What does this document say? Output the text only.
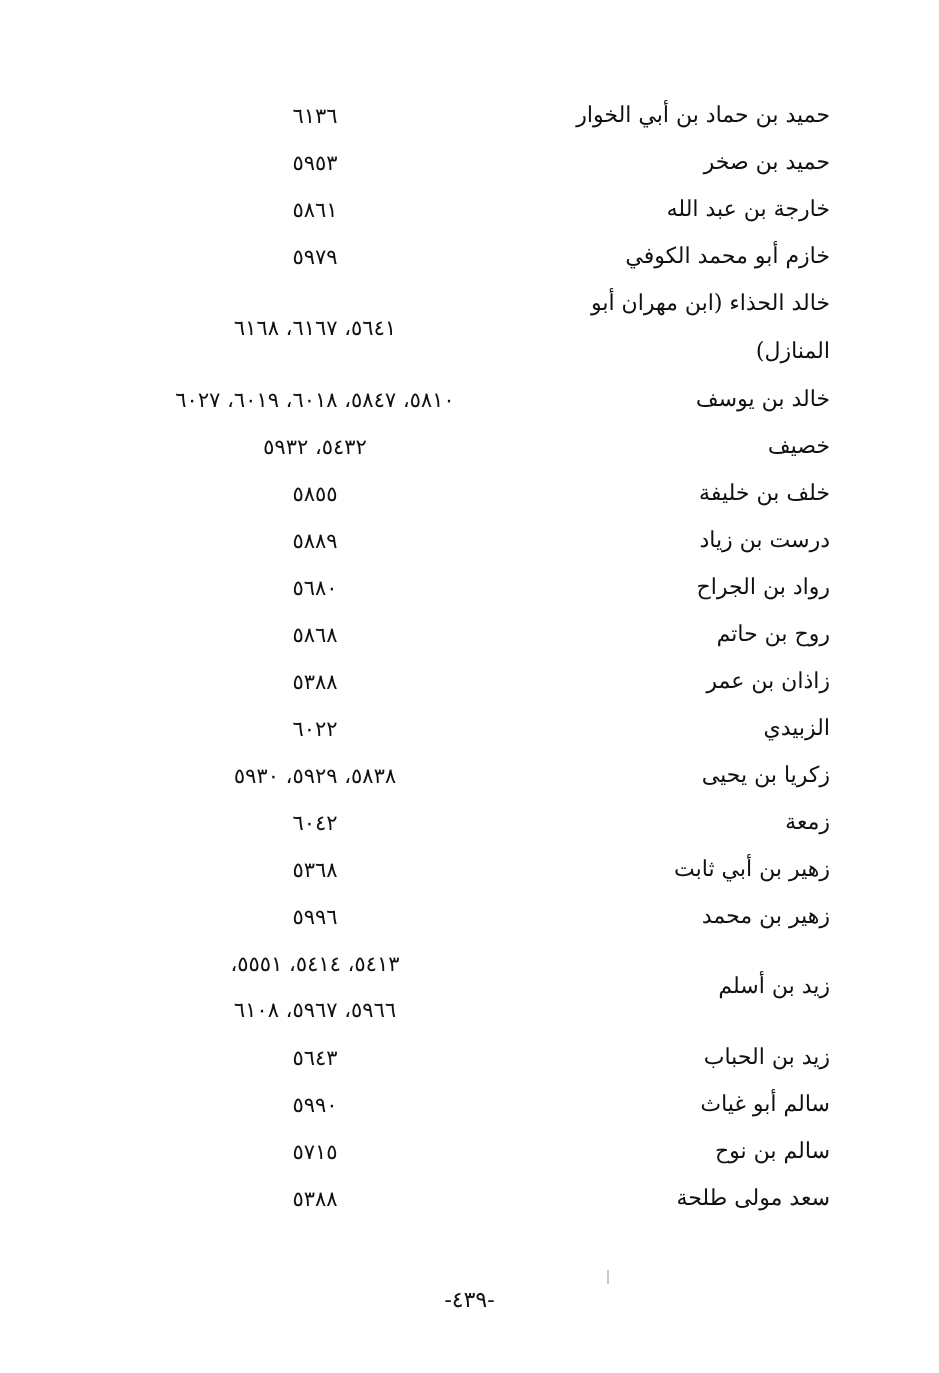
حميد بن حماد بن أبي الخوار
٦١٣٦
حميد بن صخر
٥٩٥٣
خارجة بن عبد الله
٥٨٦١
خازم أبو محمد الكوفي
٥٩٧٩
خالد الحذاء (ابن مهران أبو المنازل)
٥٦٤١، ٦١٦٧، ٦١٦٨
خالد بن يوسف
٥٨١٠، ٥٨٤٧، ٦٠١٨، ٦٠١٩، ٦٠٢٧
خصيف
٥٤٣٢، ٥٩٣٢
خلف بن خليفة
٥٨٥٥
درست بن زياد
٥٨٨٩
رواد بن الجراح
٥٦٨٠
روح بن حاتم
٥٨٦٨
زاذان بن عمر
٥٣٨٨
الزبيدي
٦٠٢٢
زكريا بن يحيى
٥٨٣٨، ٥٩٢٩، ٥٩٣٠
زمعة
٦٠٤٢
زهير بن أبي ثابت
٥٣٦٨
زهير بن محمد
٥٩٩٦
زيد بن أسلم
٥٤١٣، ٥٤١٤، ٥٥٥١،
٥٩٦٦، ٥٩٦٧، ٦١٠٨
زيد بن الحباب
٥٦٤٣
سالم أبو غياث
٥٩٩٠
سالم بن نوح
٥٧١٥
سعد مولى طلحة
٥٣٨٨
-٤٣٩-
